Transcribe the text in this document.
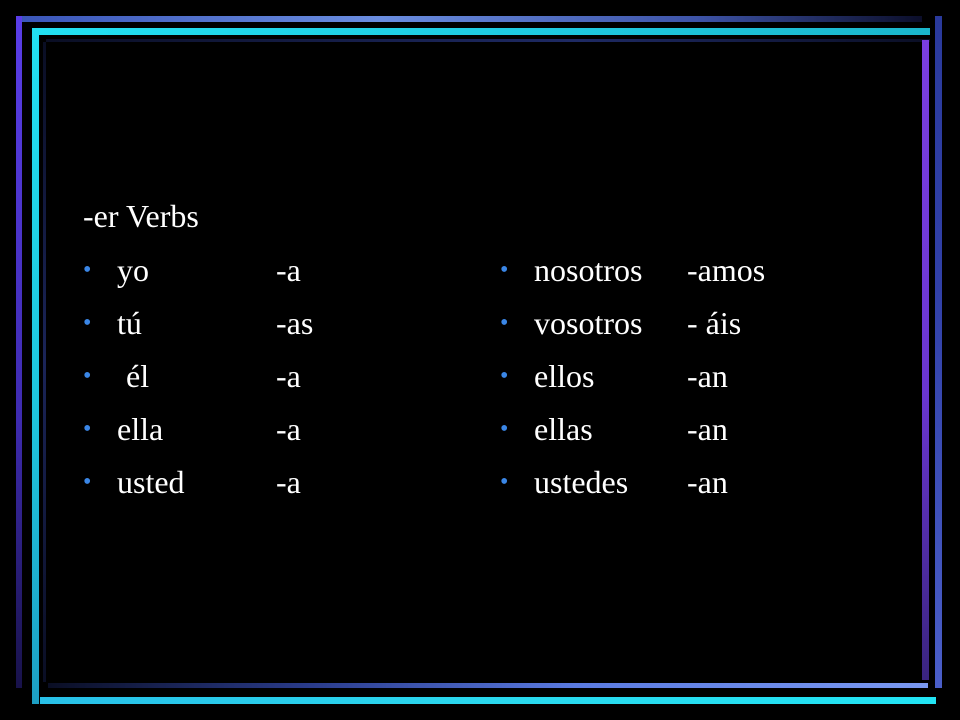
-er Verbs
• yo	-a
• tú	-as
• él	-a
• ella	-a
• usted	-a
• nosotros -amos
• vosotros - áis
• ellos	-an
• ellas	-an
• ustedes -an
